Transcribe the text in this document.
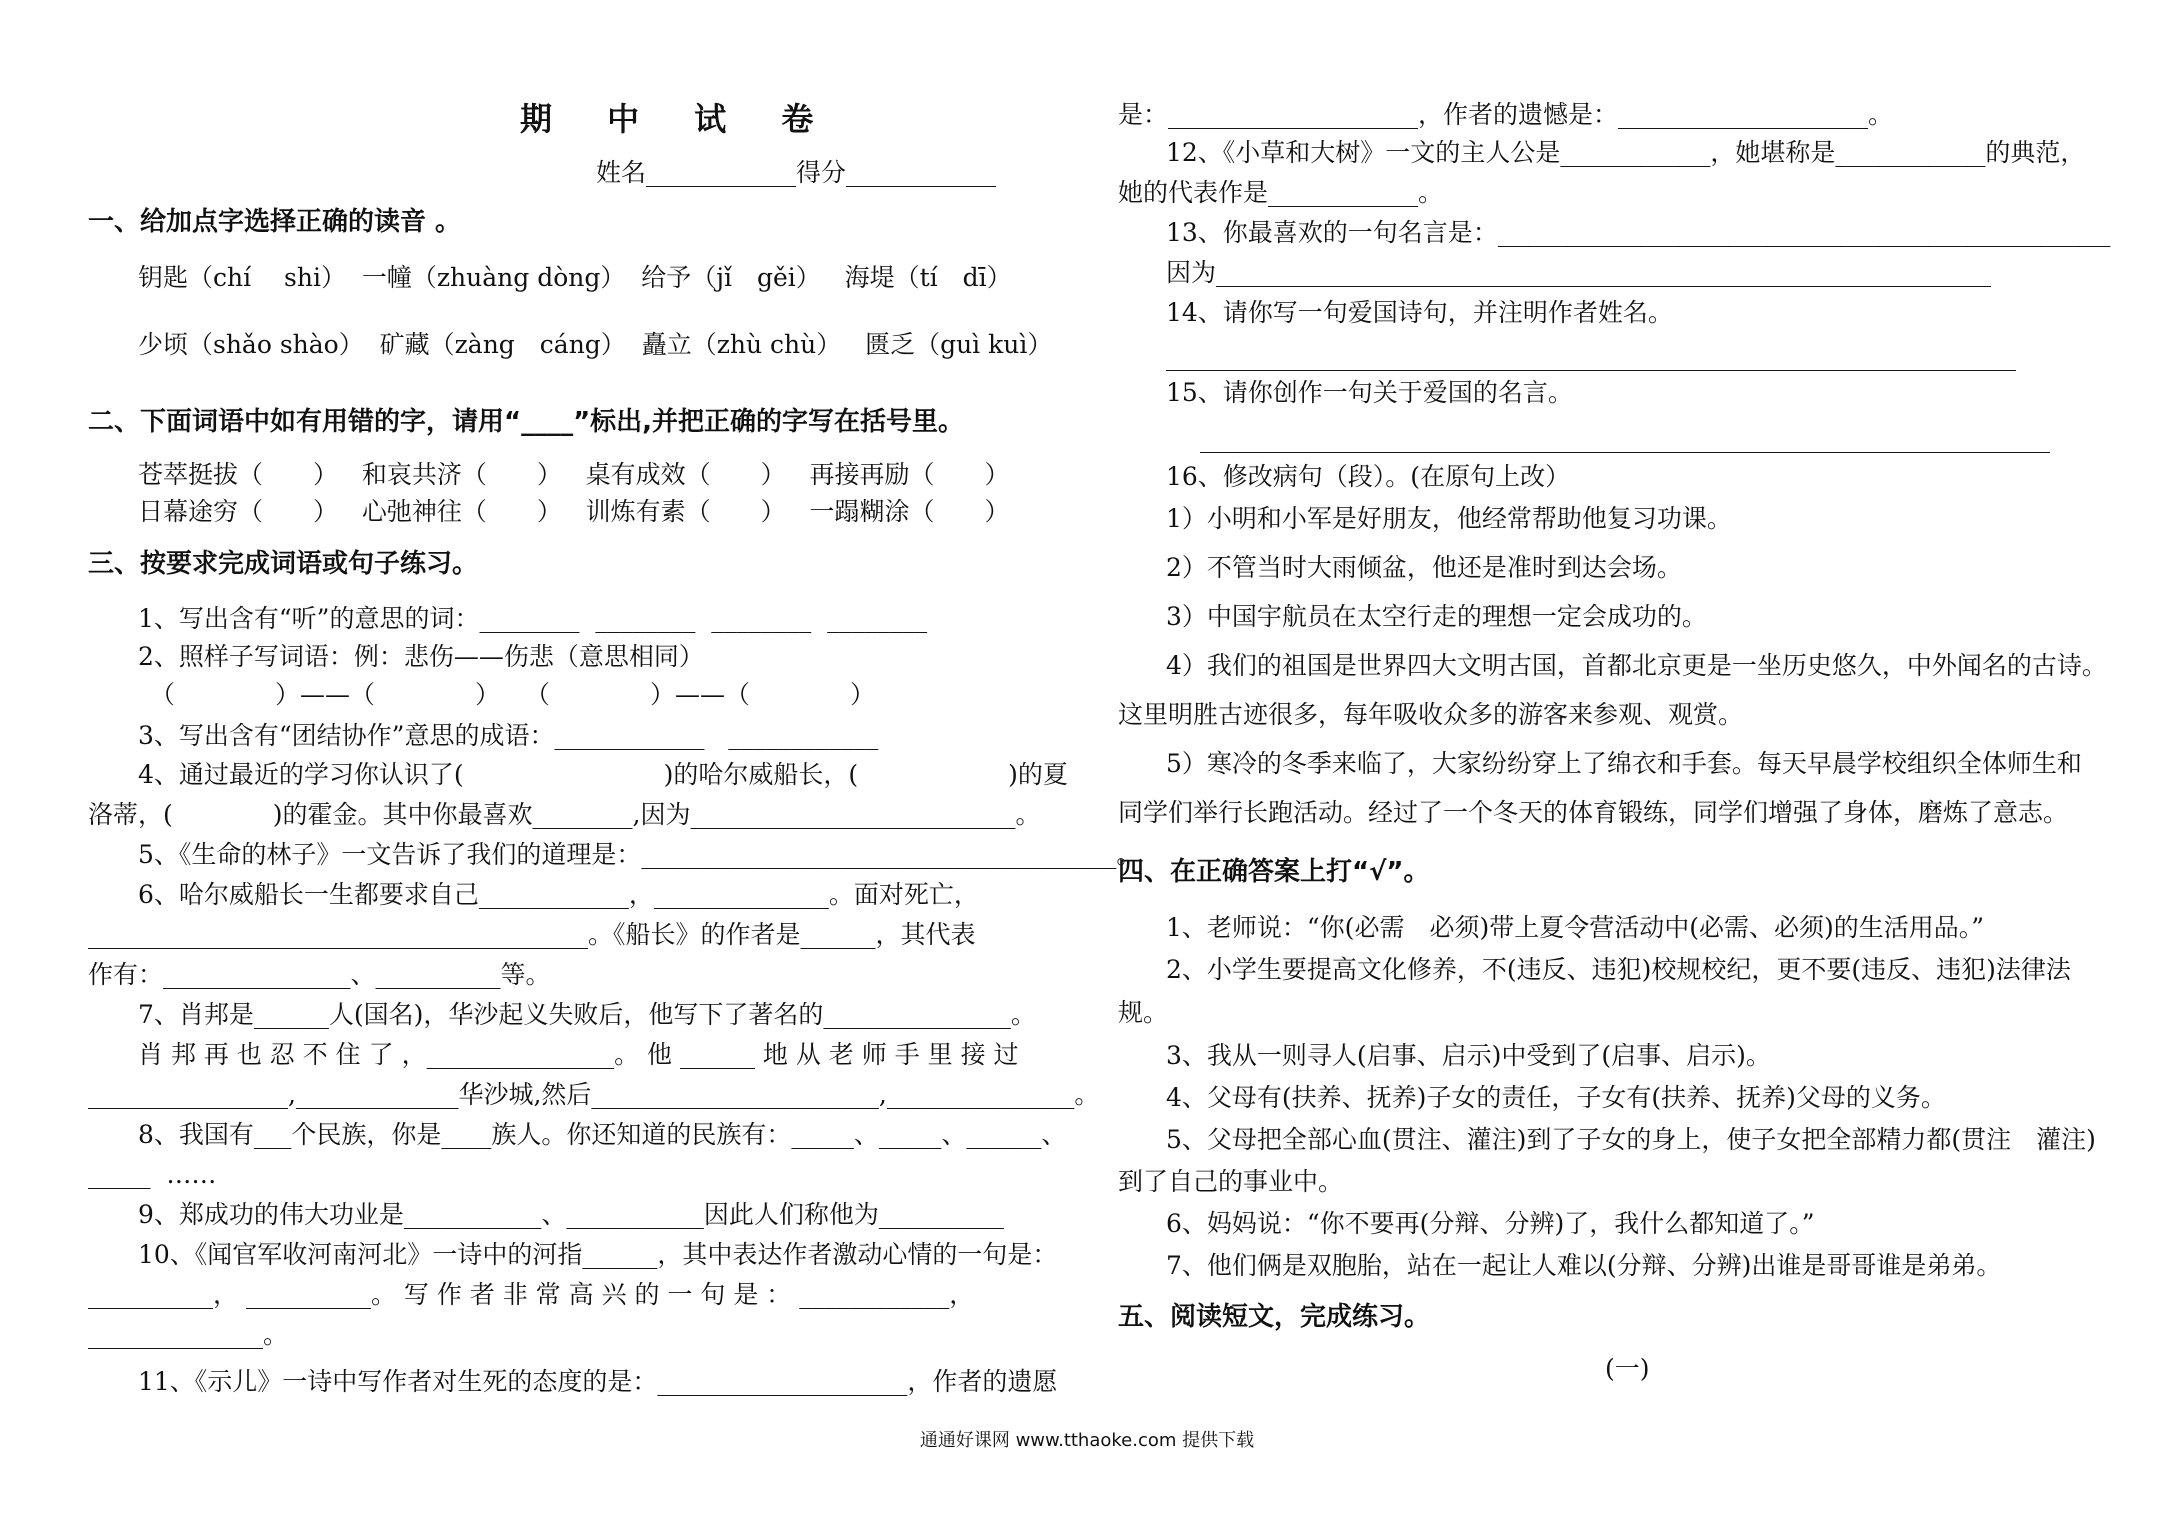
期 中 试 卷
姓名____________得分____________
一、给加点字选择正确的读音 。
钥匙（chí　 shi）  一幢（zhuàng dòng）  给予（jǐ　gěi）   海堤（tí　dī）
少顷（shǎo shào）  矿藏（zàng　cáng）  矗立（zhù chù）   匮乏（guì kuì）
二、下面词语中如有用错的字，请用“____”标出,并把正确的字写在括号里。
苍萃挺拔（　　）   和哀共济（　　）   桌有成效（　　）   再接再励（　　）
日幕途穷（　　）   心弛神往（　　）   训炼有素（　　）   一蹋糊涂（　　）
三、按要求完成词语或句子练习。
1、写出含有“听”的意思的词：________  ________  ________  ________
2、照样子写词语：例：悲伤——伤悲（意思相同）
（　　　　）——（　　　　）　　（　　　　）——（　　　　）
3、写出含有“团结协作”意思的成语：____________   ____________
4、通过最近的学习你认识了(　　　　　　　　)的哈尔威船长，(　　　　　　)的夏
洛蒂，(　　　　)的霍金。其中你最喜欢________,因为__________________________。
5、《生命的林子》一文告诉了我们的道理是：______________________________________。
6、哈尔威船长一生都要求自己____________，______________。面对死亡，
________________________________________。《船长》的作者是______，其代表
作有：_______________、__________等。
7、肖邦是______人(国名)，华沙起义失败后，他写下了著名的_______________。
肖 邦 再 也 忍 不 住 了 ，_______________。 他 ______ 地 从 老 师 手 里 接 过
________________,_____________华沙城,然后_______________________,_______________。
8、我国有___个民族，你是____族人。你还知道的民族有：_____、_____、______、
_____  ……
9、郑成功的伟大功业是___________、___________因此人们称他为__________
10、《闻官军收河南河北》一诗中的河指______，其中表达作者激动心情的一句是：
__________， __________。 写 作 者 非 常 高 兴 的 一 句 是 ： ____________，
______________。
11、《示儿》一诗中写作者对生死的态度的是：____________________，作者的遗愿
是：____________________，作者的遗憾是：____________________。
12、《小草和大树》一文的主人公是____________，她堪称是____________的典范，
她的代表作是____________。
13、你最喜欢的一句名言是：_________________________________________________
因为______________________________________________________________
14、请你写一句爱国诗句，并注明作者姓名。
____________________________________________________________________
15、请你创作一句关于爱国的名言。
____________________________________________________________________
16、修改病句（段）。(在原句上改）
1）小明和小军是好朋友，他经常帮助他复习功课。
2）不管当时大雨倾盆，他还是准时到达会场。
3）中国宇航员在太空行走的理想一定会成功的。
4）我们的祖国是世界四大文明古国，首都北京更是一坐历史悠久，中外闻名的古诗。
这里明胜古迹很多，每年吸收众多的游客来参观、观赏。
5）寒冷的冬季来临了，大家纷纷穿上了绵衣和手套。每天早晨学校组织全体师生和
同学们举行长跑活动。经过了一个冬天的体育锻练，同学们增强了身体，磨炼了意志。
四、在正确答案上打“√”。
1、老师说：“你(必需　必须)带上夏令营活动中(必需、必须)的生活用品。”
2、小学生要提高文化修养，不(违反、违犯)校规校纪，更不要(违反、违犯)法律法
规。
3、我从一则寻人(启事、启示)中受到了(启事、启示)。
4、父母有(扶养、抚养)子女的责任，子女有(扶养、抚养)父母的义务。
5、父母把全部心血(贯注、灌注)到了子女的身上，使子女把全部精力都(贯注　灌注)
到了自己的事业中。
6、妈妈说：“你不要再(分辩、分辨)了，我什么都知道了。”
7、他们俩是双胞胎，站在一起让人难以(分辩、分辨)出谁是哥哥谁是弟弟。
五、阅读短文，完成练习。
(一)
通通好课网 www.tthaoke.com 提供下载
